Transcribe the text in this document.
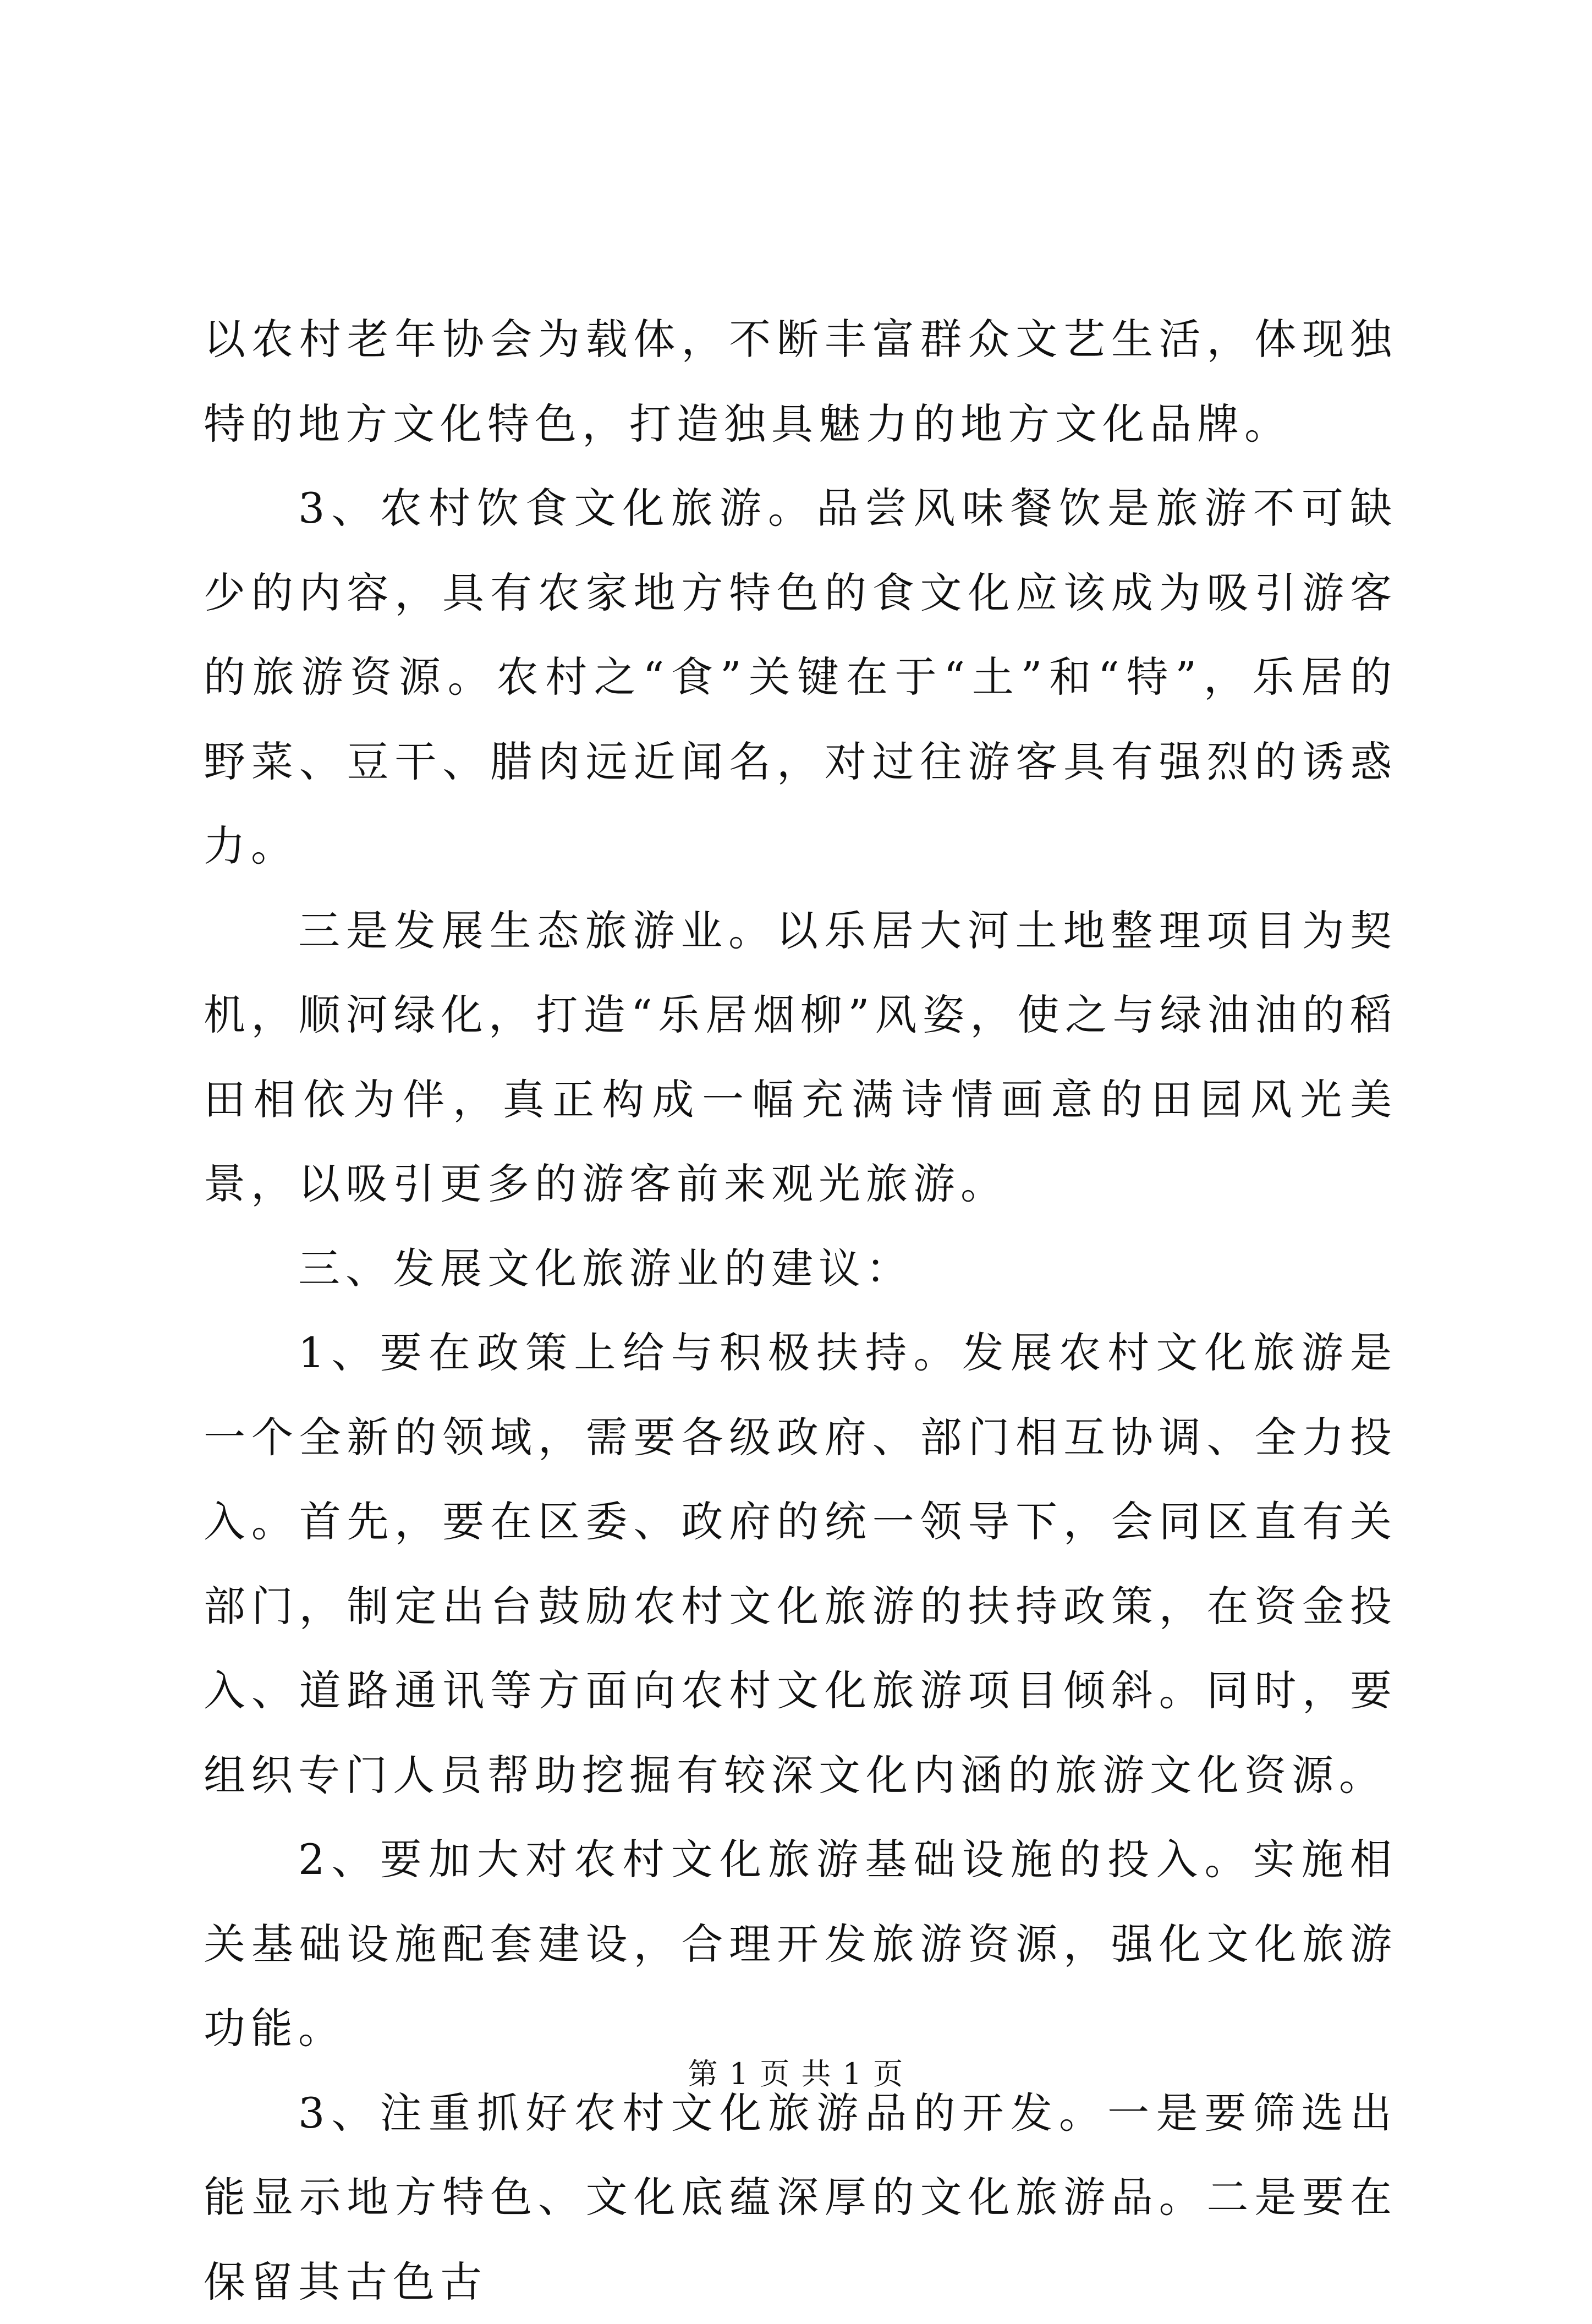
以农村老年协会为载体，不断丰富群众文艺生活，体现独特的地方文化特色，打造独具魅力的地方文化品牌。

3、农村饮食文化旅游。品尝风味餐饮是旅游不可缺少的内容，具有农家地方特色的食文化应该成为吸引游客的旅游资源。农村之“食”关键在于“土”和“特”，乐居的野菜、豆干、腊肉远近闻名，对过往游客具有强烈的诱惑力。

三是发展生态旅游业。以乐居大河土地整理项目为契机，顺河绿化，打造“乐居烟柳”风姿，使之与绿油油的稻田相依为伴，真正构成一幅充满诗情画意的田园风光美景，以吸引更多的游客前来观光旅游。

三、发展文化旅游业的建议：

1、要在政策上给与积极扶持。发展农村文化旅游是一个全新的领域，需要各级政府、部门相互协调、全力投入。首先，要在区委、政府的统一领导下，会同区直有关部门，制定出台鼓励农村文化旅游的扶持政策，在资金投入、道路通讯等方面向农村文化旅游项目倾斜。同时，要组织专门人员帮助挖掘有较深文化内涵的旅游文化资源。

2、要加大对农村文化旅游基础设施的投入。实施相关基础设施配套建设，合理开发旅游资源，强化文化旅游功能。

3、注重抓好农村文化旅游品的开发。一是要筛选出能显示地方特色、文化底蕴深厚的文化旅游品。二是要在保留其古色古

第 1 页 共 1 页
